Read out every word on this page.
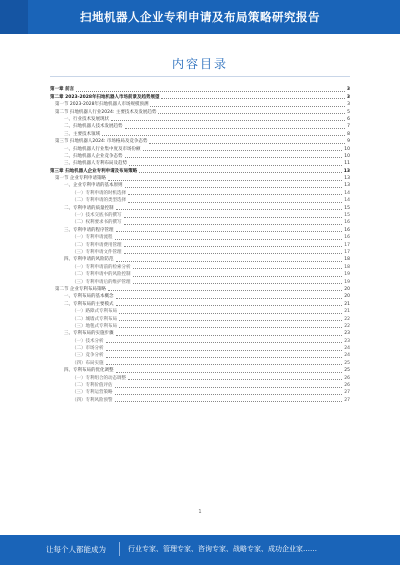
扫地机器人企业专利申请及布局策略研究报告
内容目录
第一章 前言	3
第二章 2023-2028年扫地机器人市场前景及趋势展望	3
第一节 2023-2028年扫地机器人市场规模预测	3
第二节 扫地机器人行业2024: 主要技术及发展趋势	5
一、行业技术发展现状	6
二、扫地机器人技术发展趋势	7
三、主要技术领域	8
第三节 扫地机器人2024: 市场格局及竞争态势	9
一、扫地机器人行业集中度及市场份额	10
二、扫地机器人企业竞争态势	10
三、扫地机器人专利布局及趋势	11
第三章 扫地机器人企业专利申请及布局策略	13
第一节 企业专利申请策略	13
一、企业专利申请的基本原则	13
（一）专利申请的时机选择	14
（二）专利申请的类型选择	14
二、专利申请的质量控制	15
（一）技术交底书的撰写	15
（二）权利要求书的撰写	16
三、专利申请的程序管理	16
（一）专利申请流程	16
（二）专利申请费用管理	17
（三）专利申请文件管理	17
四、专利申请的风险防范	18
（一）专利申请前的检索分析	18
（二）专利申请中的风险控制	19
（三）专利申请后的维护管理	19
第二节 企业专利布局策略	20
一、专利布局的基本概念	20
二、专利布局的主要模式	21
（一）路障式专利布局	21
（二）城墙式专利布局	22
（三）地毯式专利布局	22
三、专利布局的实施步骤	23
（一）技术分析	23
（二）市场分析	24
（三）竞争分析	24
（四）布局实施	25
四、专利布局的优化调整	25
（一）专利组合的动态调整	26
（二）专利价值评估	26
（三）专利运营策略	27
（四）专利风险预警	27
1
让每个人都能成为	行业专家、管理专家、咨询专家、战略专家、成功企业家……
